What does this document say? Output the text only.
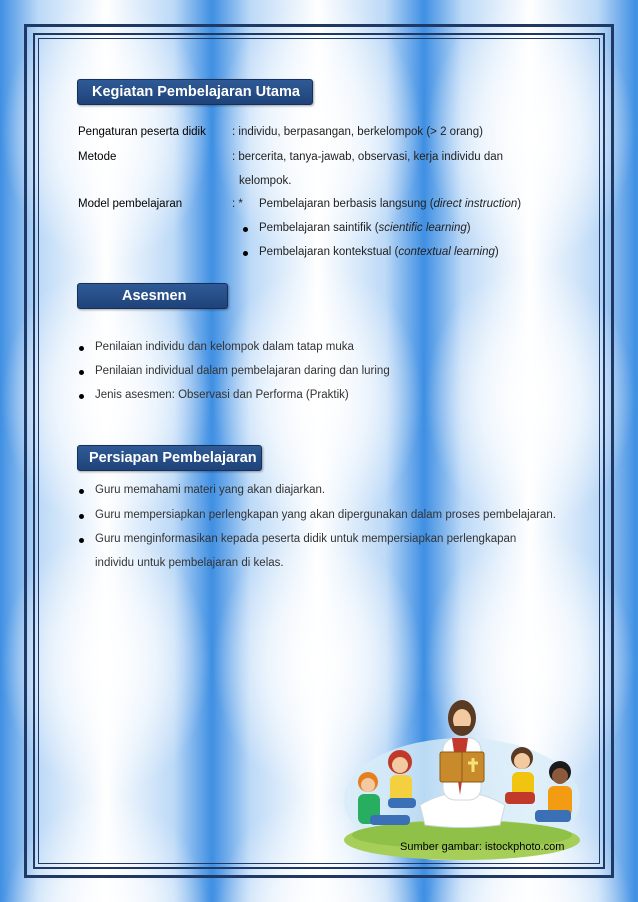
Kegiatan Pembelajaran Utama
Pengaturan peserta didik : individu, berpasangan, berkelompok (> 2 orang)
Metode	: bercerita, tanya-jawab, observasi, kerja individu dan
kelompok.
Model pembelajaran	: * Pembelajaran berbasis langsung (direct instruction)
Pembelajaran saintifik (scientific learning)
Pembelajaran kontekstual (contextual learning)
Asesmen
Penilaian individu dan kelompok dalam tatap muka
Penilaian individual dalam pembelajaran daring dan luring
Jenis asesmen: Observasi dan Performa (Praktik)
Persiapan Pembelajaran
Guru memahami materi yang akan diajarkan.
Guru mempersiapkan perlengkapan yang akan dipergunakan dalam proses pembelajaran.
Guru menginformasikan kepada peserta didik untuk mempersiapkan perlengkapan
individu untuk pembelajaran di kelas.
Sumber gambar: istockphoto.com
